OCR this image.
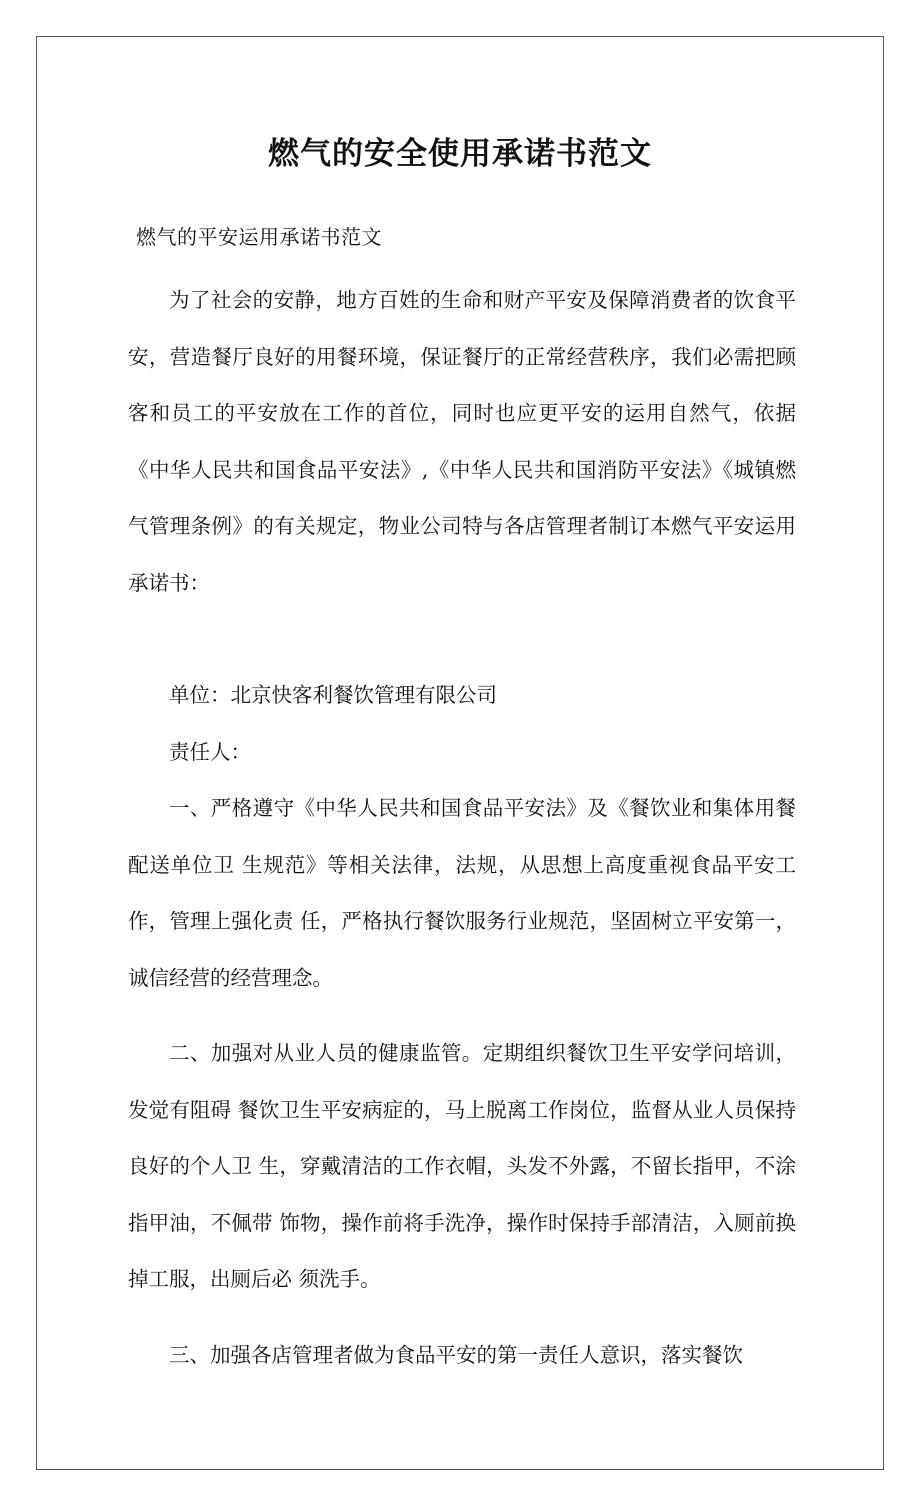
燃气的安全使用承诺书范文

燃气的平安运用承诺书范文

为了社会的安静，地方百姓的生命和财产平安及保障消费者的饮食平安，营造餐厅良好的用餐环境，保证餐厅的正常经营秩序，我们必需把顾客和员工的平安放在工作的首位，同时也应更平安的运用自然气，依据《中华人民共和国食品平安法》,《中华人民共和国消防平安法》《城镇燃气管理条例》的有关规定，物业公司特与各店管理者制订本燃气平安运用承诺书：

单位：北京快客利餐饮管理有限公司

责任人：

一、严格遵守《中华人民共和国食品平安法》及《餐饮业和集体用餐配送单位卫 生规范》等相关法律，法规，从思想上高度重视食品平安工作，管理上强化责 任，严格执行餐饮服务行业规范，坚固树立平安第一，诚信经营的经营理念。

二、加强对从业人员的健康监管。定期组织餐饮卫生平安学问培训，发觉有阻碍 餐饮卫生平安病症的，马上脱离工作岗位，监督从业人员保持良好的个人卫 生，穿戴清洁的工作衣帽，头发不外露，不留长指甲，不涂指甲油，不佩带 饰物，操作前将手洗净，操作时保持手部清洁，入厕前换掉工服，出厕后必 须洗手。

三、加强各店管理者做为食品平安的第一责任人意识，落实餐饮
